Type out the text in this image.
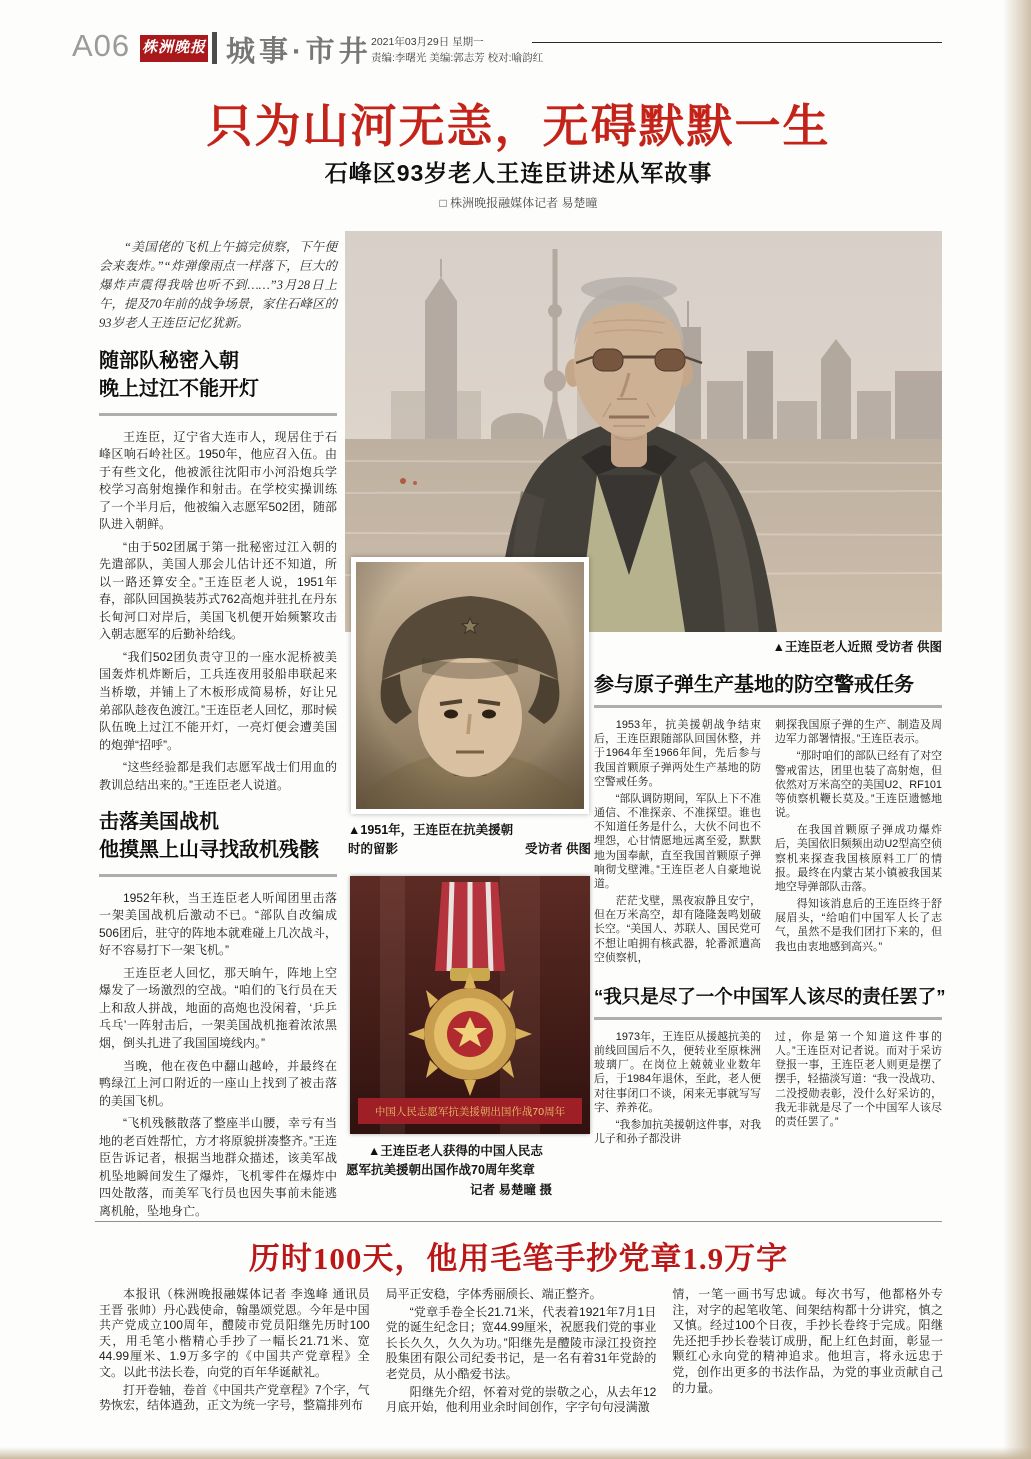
A06 株洲晚报 城事·市井 2021年03月29日 星期一
责编:李曙光 美编:郭志芳 校对:喻韵红
只为山河无恙，无碍默默一生
石峰区93岁老人王连臣讲述从军故事
□ 株洲晚报融媒体记者 易楚曈

“美国佬的飞机上午搞完侦察，下午便会来轰炸。”“炸弹像雨点一样落下，巨大的爆炸声震得我啥也听不到……”3月28日上午，提及70年前的战争场景，家住石峰区的93岁老人王连臣记忆犹新。

随部队秘密入朝
晚上过江不能开灯

王连臣，辽宁省大连市人，现居住于石峰区响石岭社区。1950年，他应召入伍。由于有些文化，他被派往沈阳市小河沿炮兵学校学习高射炮操作和射击。在学校实操训练了一个半月后，他被编入志愿军502团，随部队进入朝鲜。

“由于502团属于第一批秘密过江入朝的先遣部队，美国人那会儿估计还不知道，所以一路还算安全。”王连臣老人说，1951年春，部队回国换装苏式762高炮并驻扎在丹东长甸河口对岸后，美国飞机便开始频繁攻击入朝志愿军的后勤补给线。

“我们502团负责守卫的一座水泥桥被美国轰炸机炸断后，工兵连夜用驳船串联起来当桥墩，并铺上了木板形成简易桥，好让兄弟部队趁夜色渡江。”王连臣老人回忆，那时候队伍晚上过江不能开灯，一亮灯便会遭美国的炮弹“招呼”。

“这些经验都是我们志愿军战士们用血的教训总结出来的。”王连臣老人说道。

击落美国战机
他摸黑上山寻找敌机残骸

1952年秋，当王连臣老人听闻团里击落一架美国战机后激动不已。“部队自改编成506团后，驻守的阵地本就难碰上几次战斗，好不容易打下一架飞机。”

王连臣老人回忆，那天晌午，阵地上空爆发了一场激烈的空战。“咱们的飞行员在天上和敌人拼战，地面的高炮也没闲着，‘乒乒乓乓’一阵射击后，一架美国战机拖着浓浓黑烟，倒头扎进了我国国境线内。”

当晚，他在夜色中翻山越岭，并最终在鸭绿江上河口附近的一座山上找到了被击落的美国飞机。

“飞机残骸散落了整座半山腰，幸亏有当地的老百姓帮忙，方才将原貌拼凑整齐。”王连臣告诉记者，根据当地群众描述，该美军战机坠地瞬间发生了爆炸，飞机零件在爆炸中四处散落，而美军飞行员也因失事前未能逃离机舱，坠地身亡。

▲王连臣老人近照 受访者 供图
▲1951年，王连臣在抗美援朝
时的留影	受访者 供图
中国人民志愿军抗美援朝出国作战70周年
▲王连臣老人获得的中国人民志
愿军抗美援朝出国作战70周年奖章
记者 易楚曈 摄
参与原子弹生产基地的防空警戒任务

1953年，抗美援朝战争结束后，王连臣跟随部队回国休整，并于1964年至1966年间，先后参与我国首颗原子弹两处生产基地的防空警戒任务。

“部队调防期间，军队上下不准通信、不准探亲、不准探望。谁也不知道任务是什么，大伙不问也不埋怨，心甘情愿地远离至爱，默默地为国奉献，直至我国首颗原子弹响彻戈壁滩。”王连臣老人自豪地说道。

茫茫戈壁，黑夜寂静且安宁，但在万米高空，却有隆隆轰鸣划破长空。“美国人、苏联人、国民党可不想让咱拥有核武器，轮番派遣高空侦察机，

刺探我国原子弹的生产、制造及周边军力部署情报。”王连臣表示。

“那时咱们的部队已经有了对空警戒雷达，团里也装了高射炮，但依然对万米高空的美国U2、RF101等侦察机鞭长莫及。”王连臣遗憾地说。

在我国首颗原子弹成功爆炸后，美国依旧频频出动U2型高空侦察机来探查我国核原料工厂的情报。最终在内蒙古某小镇被我国某地空导弹部队击落。

得知该消息后的王连臣终于舒展眉头，“给咱们中国军人长了志气，虽然不是我们团打下来的，但我也由衷地感到高兴。”

“我只是尽了一个中国军人该尽的责任罢了”

1973年，王连臣从援越抗美的前线回国后不久，便转业至原株洲玻璃厂。在岗位上兢兢业业数年后，于1984年退休，至此，老人便对往事闭口不谈，闲来无事就写写字、养养花。

“我参加抗美援朝这件事，对我儿子和孙子都没讲

过，你是第一个知道这件事的人。”王连臣对记者说。而对于采访登报一事，王连臣老人则更是摆了摆手，轻描淡写道：“我一没战功、二没授勋表彰，没什么好采访的，我无非就是尽了一个中国军人该尽的责任罢了。”

历时100天，他用毛笔手抄党章1.9万字

本报讯（株洲晚报融媒体记者 李逸峰 通讯员 王晋 张帅）丹心践使命，翰墨颂党恩。今年是中国共产党成立100周年，醴陵市党员阳继先历时100天，用毛笔小楷精心手抄了一幅长21.71米、宽44.99厘米、1.9万多字的《中国共产党章程》全文。以此书法长卷，向党的百年华诞献礼。

打开卷轴，卷首《中国共产党章程》7个字，气势恢宏，结体遒劲，正文为统一字号，整篇排列布

局平正安稳，字体秀丽颀长、端正整齐。

“党章手卷全长21.71米，代表着1921年7月1日党的诞生纪念日；宽44.99厘米，祝愿我们党的事业长长久久，久久为功。”阳继先是醴陵市渌江投资控股集团有限公司纪委书记，是一名有着31年党龄的老党员，从小酷爱书法。

阳继先介绍，怀着对党的崇敬之心，从去年12月底开始，他利用业余时间创作，字字句句浸满激

情，一笔一画书写忠诚。每次书写，他都格外专注，对字的起笔收笔、间架结构都十分讲究，慎之又慎。经过100个日夜，手抄长卷终于完成。阳继先还把手抄长卷装订成册，配上红色封面，彰显一颗红心永向党的精神追求。他坦言，将永远忠于党，创作出更多的书法作品，为党的事业贡献自己的力量。
